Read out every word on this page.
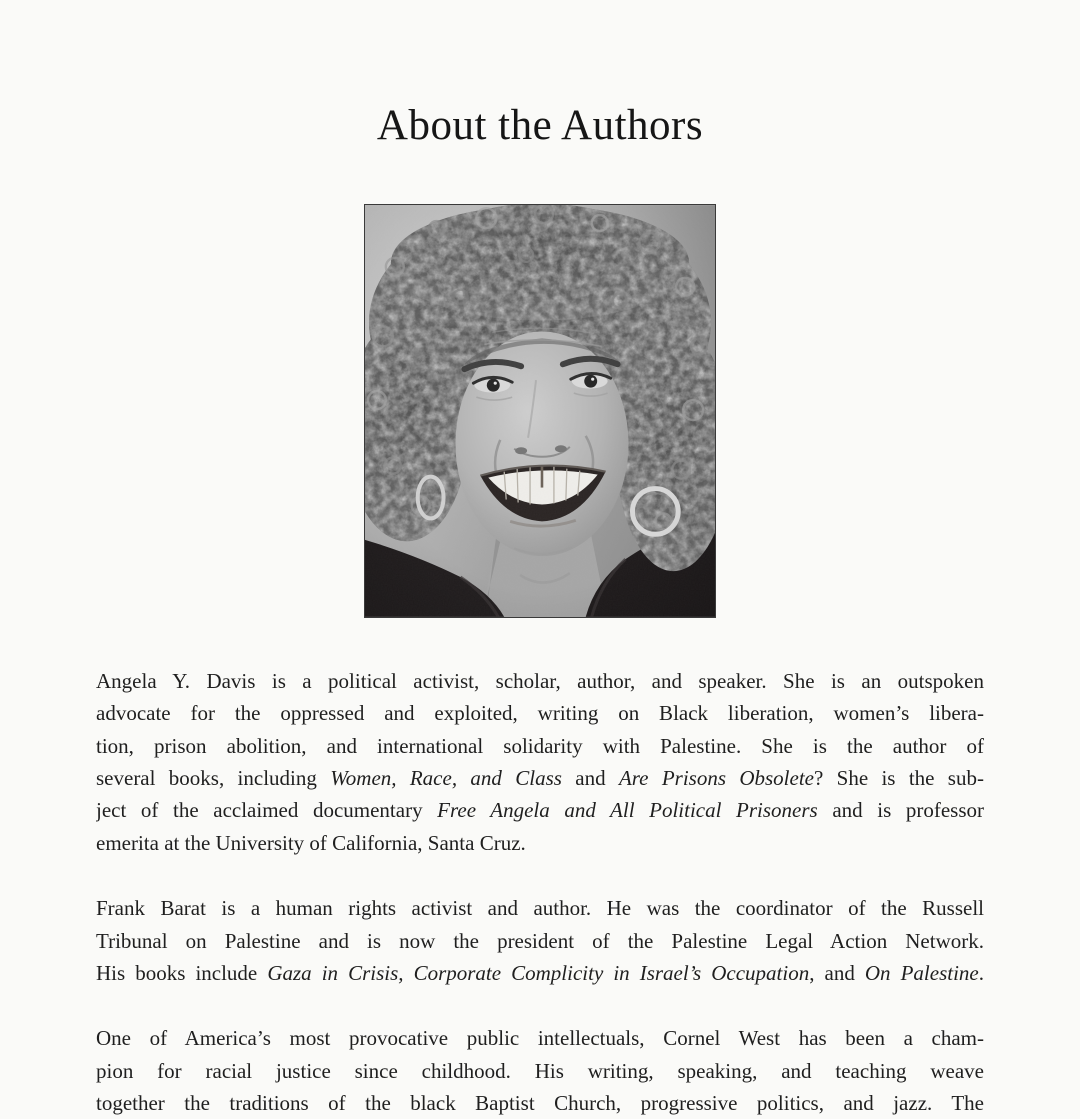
About the Authors
Angela Y. Davis is a political activist, scholar, author, and speaker. She is an outspoken
advocate for the oppressed and exploited, writing on Black liberation, women’s libera-
tion, prison abolition, and international solidarity with Palestine. She is the author of
several books, including Women, Race, and Class and Are Prisons Obsolete? She is the sub-
ject of the acclaimed documentary Free Angela and All Political Prisoners and is professor
emerita at the University of California, Santa Cruz.
Frank Barat is a human rights activist and author. He was the coordinator of the Russell
Tribunal on Palestine and is now the president of the Palestine Legal Action Network.
His books include Gaza in Crisis, Corporate Complicity in Israel’s Occupation, and On Palestine.
One of America’s most provocative public intellectuals, Cornel West has been a cham-
pion for racial justice since childhood. His writing, speaking, and teaching weave
together the traditions of the black Baptist Church, progressive politics, and jazz. The
